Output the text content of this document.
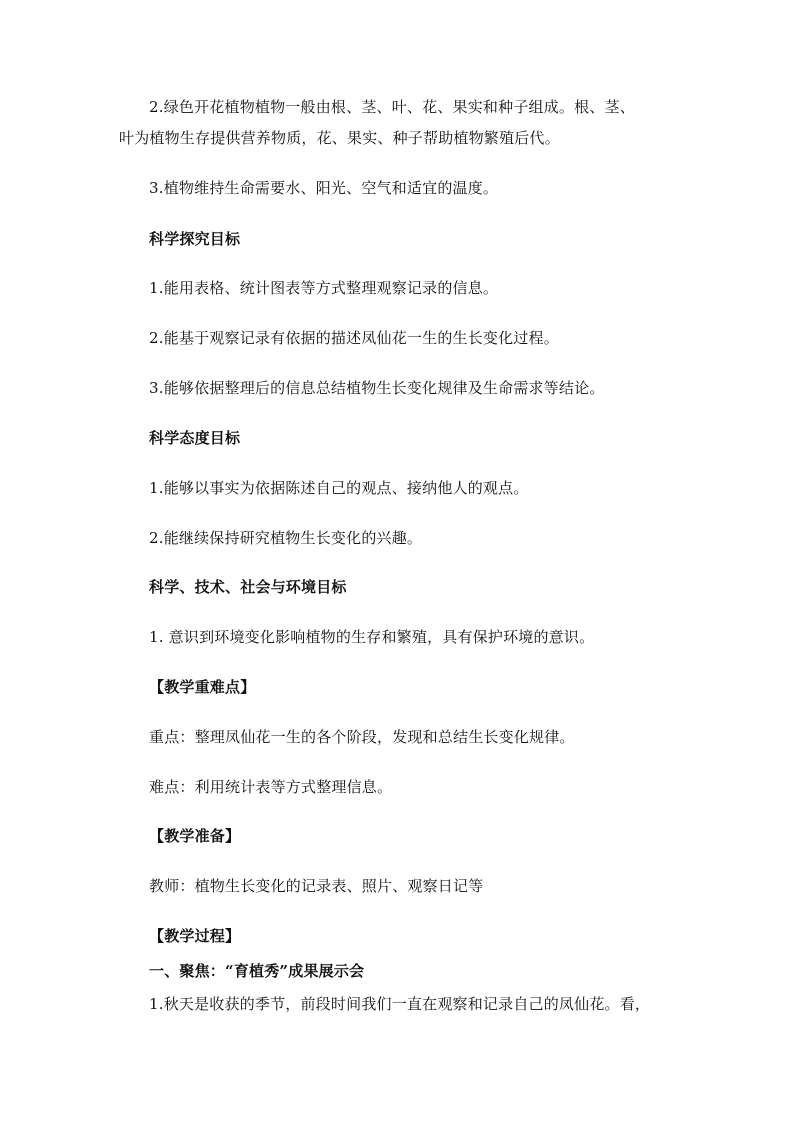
2.绿色开花植物植物一般由根、茎、叶、花、果实和种子组成。根、茎、
叶为植物生存提供营养物质，花、果实、种子帮助植物繁殖后代。
3.植物维持生命需要水、阳光、空气和适宜的温度。
科学探究目标
1.能用表格、统计图表等方式整理观察记录的信息。
2.能基于观察记录有依据的描述凤仙花一生的生长变化过程。
3.能够依据整理后的信息总结植物生长变化规律及生命需求等结论。
科学态度目标
1.能够以事实为依据陈述自己的观点、接纳他人的观点。
2.能继续保持研究植物生长变化的兴趣。
科学、技术、社会与环境目标
1. 意识到环境变化影响植物的生存和繁殖，具有保护环境的意识。
【教学重难点】
重点：整理凤仙花一生的各个阶段，发现和总结生长变化规律。
难点：利用统计表等方式整理信息。
【教学准备】
教师：植物生长变化的记录表、照片、观察日记等
【教学过程】
一、聚焦：“育植秀”成果展示会
1.秋天是收获的季节，前段时间我们一直在观察和记录自己的凤仙花。看，
